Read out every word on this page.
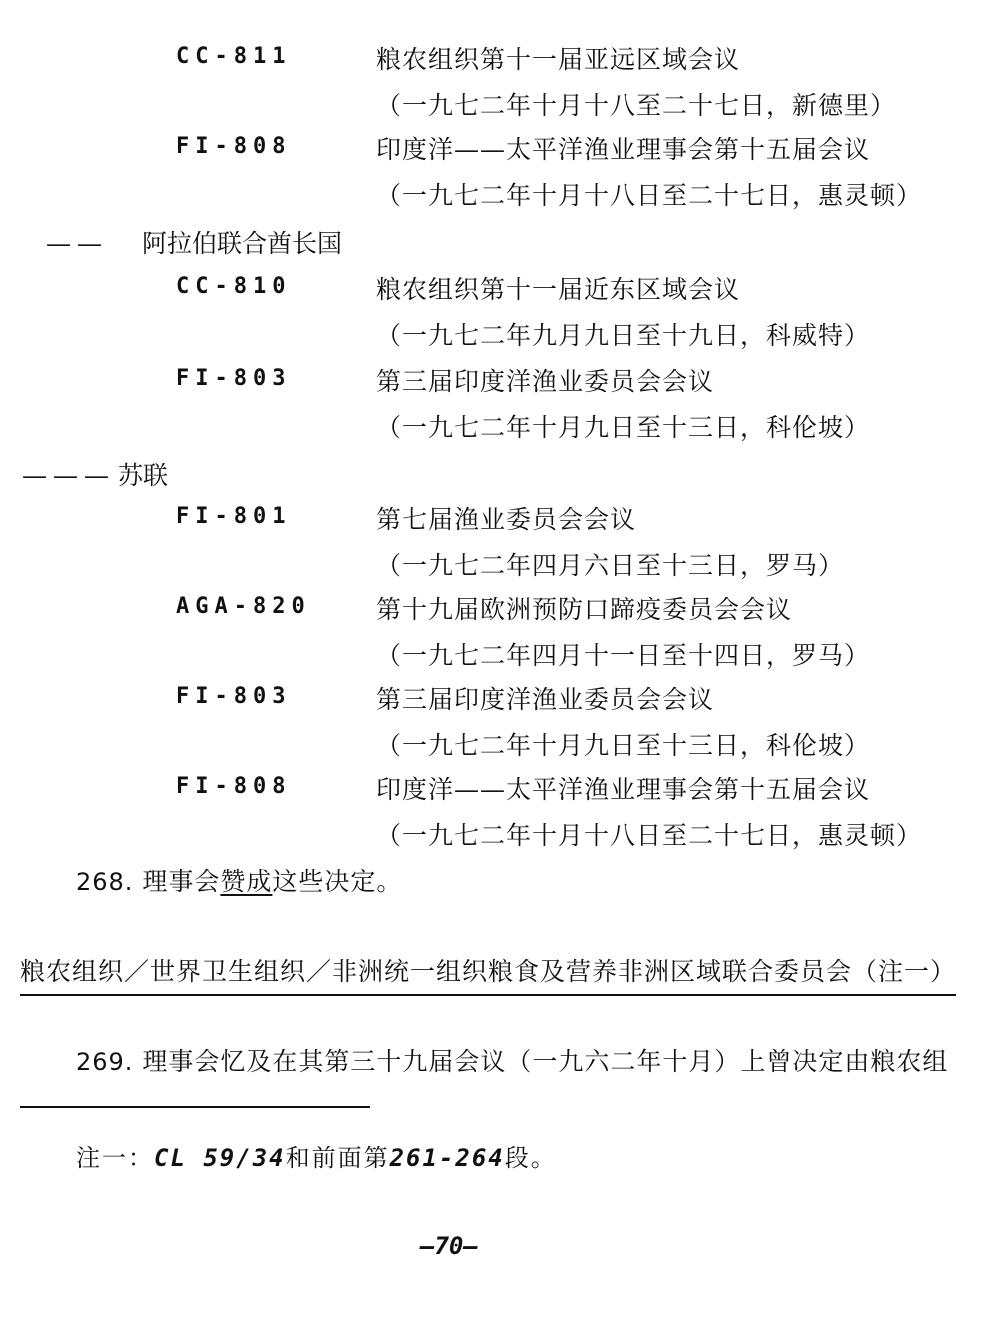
CC-811	粮农组织第十一届亚远区域会议
（一九七二年十月十八至二十七日，新德里）
FI-808	印度洋——太平洋渔业理事会第十五届会议
（一九七二年十月十八日至二十七日，惠灵顿）
—— 阿拉伯联合酋长国
CC-810	粮农组织第十一届近东区域会议
（一九七二年九月九日至十九日，科威特）
FI-803	第三届印度洋渔业委员会会议
（一九七二年十月九日至十三日，科伦坡）
——— 苏联
FI-801	第七届渔业委员会会议
（一九七二年四月六日至十三日，罗马）
AGA-820	第十九届欧洲预防口蹄疫委员会会议
（一九七二年四月十一日至十四日，罗马）
FI-803	第三届印度洋渔业委员会会议
（一九七二年十月九日至十三日，科伦坡）
FI-808	印度洋——太平洋渔业理事会第十五届会议
（一九七二年十月十八日至二十七日，惠灵顿）
268. 理事会赞成这些决定。
粮农组织／世界卫生组织／非洲统一组织粮食及营养非洲区域联合委员会（注一）
269. 理事会忆及在其第三十九届会议（一九六二年十月）上曾决定由粮农组
注一：CL 59/34和前面第261-264段。
—70—
